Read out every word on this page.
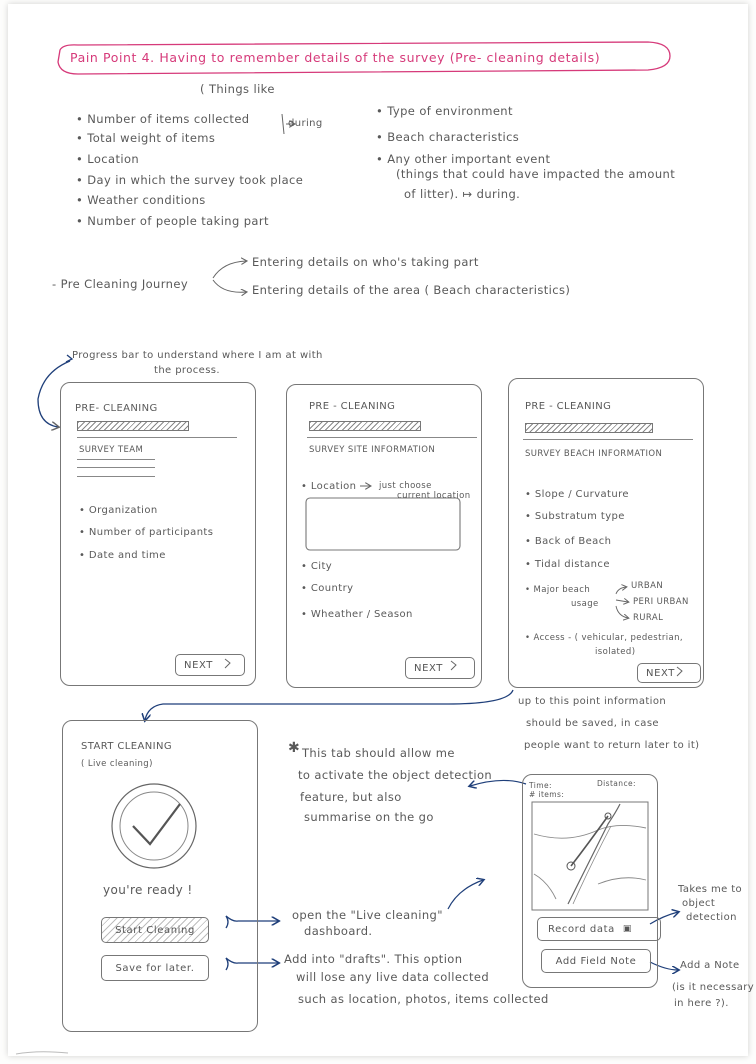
Pain Point 4. Having to remember details of the survey (Pre- cleaning details)
( Things like
• Number of items collected
• Total weight of items
• Location
• Day in which the survey took place
• Weather conditions
• Number of people taking part
during
• Type of environment
• Beach characteristics
• Any other important event
(things that could have impacted the amount
of litter). ↦ during.
- Pre Cleaning Journey
Entering details on who's taking part
Entering details of the area ( Beach characteristics)
Progress bar to understand where I am at with
the process.
PRE- CLEANING
SURVEY TEAM
• Organization
• Number of participants
• Date and time
NEXT
PRE - CLEANING
SURVEY SITE INFORMATION
• Location	just choose
current location
• City
• Country
• Wheather / Season
NEXT
PRE - CLEANING
SURVEY BEACH INFORMATION
• Slope / Curvature
• Substratum type
• Back of Beach
• Tidal distance
• Major beach
usage
URBAN
PERI URBAN
RURAL
• Access - ( vehicular, pedestrian,
isolated)
NEXT
up to this point information
should be saved, in case
people want to return later to it)
START CLEANING
( Live cleaning)
you're ready !
Start Cleaning
Save for later.
open the "Live cleaning"
dashboard.
Add into "drafts". This option
will lose any live data collected
such as location, photos, items collected
✱ This tab should allow me
to activate the object detection
feature, but also
summarise on the go
Time:	Distance:
# items:
Record data ▣
Add Field Note
Takes me to
object
detection
Add a Note
(is it necessary
in here ?).
